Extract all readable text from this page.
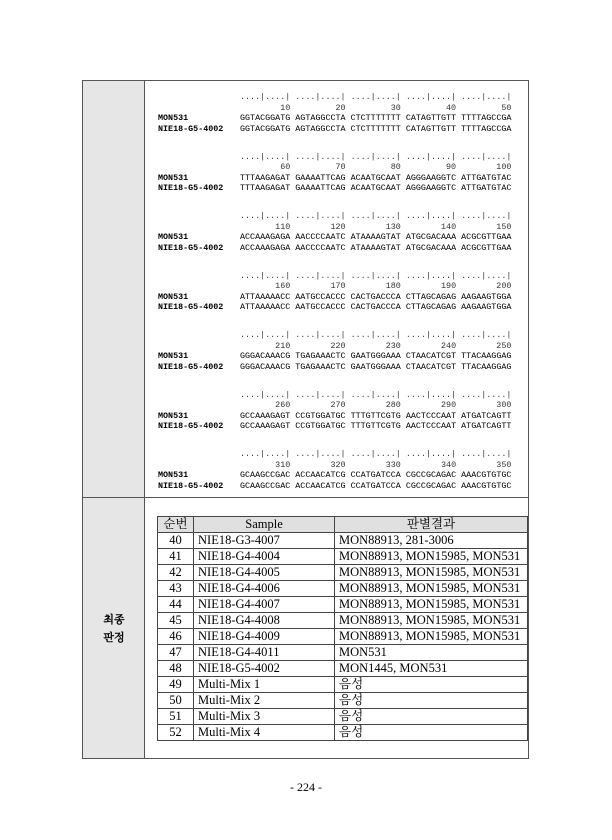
최종
판정
....|....| ....|....| ....|....| ....|....| ....|....|
10	20	30	40	50
MON531	GGTACGGATG AGTAGGCCTA CTCTTTTTTT CATAGTTGTT TTTTAGCCGA
NIE18-G5-4002	GGTACGGATG AGTAGGCCTA CTCTTTTTTT CATAGTTGTT TTTTAGCCGA
....|....| ....|....| ....|....| ....|....| ....|....|
60	70	80	90	100
MON531	TTTAAGAGAT GAAAATTCAG ACAATGCAAT AGGGAAGGTC ATTGATGTAC
NIE18-G5-4002	TTTAAGAGAT GAAAATTCAG ACAATGCAAT AGGGAAGGTC ATTGATGTAC
....|....| ....|....| ....|....| ....|....| ....|....|
110	120	130	140	150
MON531	ACCAAAGAGA AACCCCAATC ATAAAAGTAT ATGCGACAAA ACGCGTTGAA
NIE18-G5-4002	ACCAAAGAGA AACCCCAATC ATAAAAGTAT ATGCGACAAA ACGCGTTGAA
....|....| ....|....| ....|....| ....|....| ....|....|
160	170	180	190	200
MON531	ATTAAAAACC AATGCCACCC CACTGACCCA CTTAGCAGAG AAGAAGTGGA
NIE18-G5-4002	ATTAAAAACC AATGCCACCC CACTGACCCA CTTAGCAGAG AAGAAGTGGA
....|....| ....|....| ....|....| ....|....| ....|....|
210	220	230	240	250
MON531	GGGACAAACG TGAGAAACTC GAATGGGAAA CTAACATCGT TTACAAGGAG
NIE18-G5-4002	GGGACAAACG TGAGAAACTC GAATGGGAAA CTAACATCGT TTACAAGGAG
....|....| ....|....| ....|....| ....|....| ....|....|
260	270	280	290	300
MON531	GCCAAAGAGT CCGTGGATGC TTTGTTCGTG AACTCCCAAT ATGATCAGTT
NIE18-G5-4002	GCCAAAGAGT CCGTGGATGC TTTGTTCGTG AACTCCCAAT ATGATCAGTT
....|....| ....|....| ....|....| ....|....| ....|....|
310	320	330	340	350
MON531	GCAAGCCGAC ACCAACATCG CCATGATCCA CGCCGCAGAC AAACGTGTGC
NIE18-G5-4002	GCAAGCCGAC ACCAACATCG CCATGATCCA CGCCGCAGAC AAACGTGTGC
순번	Sample	판별결과
40	NIE18-G3-4007	MON88913, 281-3006
41	NIE18-G4-4004	MON88913, MON15985, MON531
42	NIE18-G4-4005	MON88913, MON15985, MON531
43	NIE18-G4-4006	MON88913, MON15985, MON531
44	NIE18-G4-4007	MON88913, MON15985, MON531
45	NIE18-G4-4008	MON88913, MON15985, MON531
46	NIE18-G4-4009	MON88913, MON15985, MON531
47	NIE18-G4-4011	MON531
48	NIE18-G5-4002	MON1445, MON531
49	Multi-Mix 1	음성
50	Multi-Mix 2	음성
51	Multi-Mix 3	음성
52	Multi-Mix 4	음성
- 224 -
